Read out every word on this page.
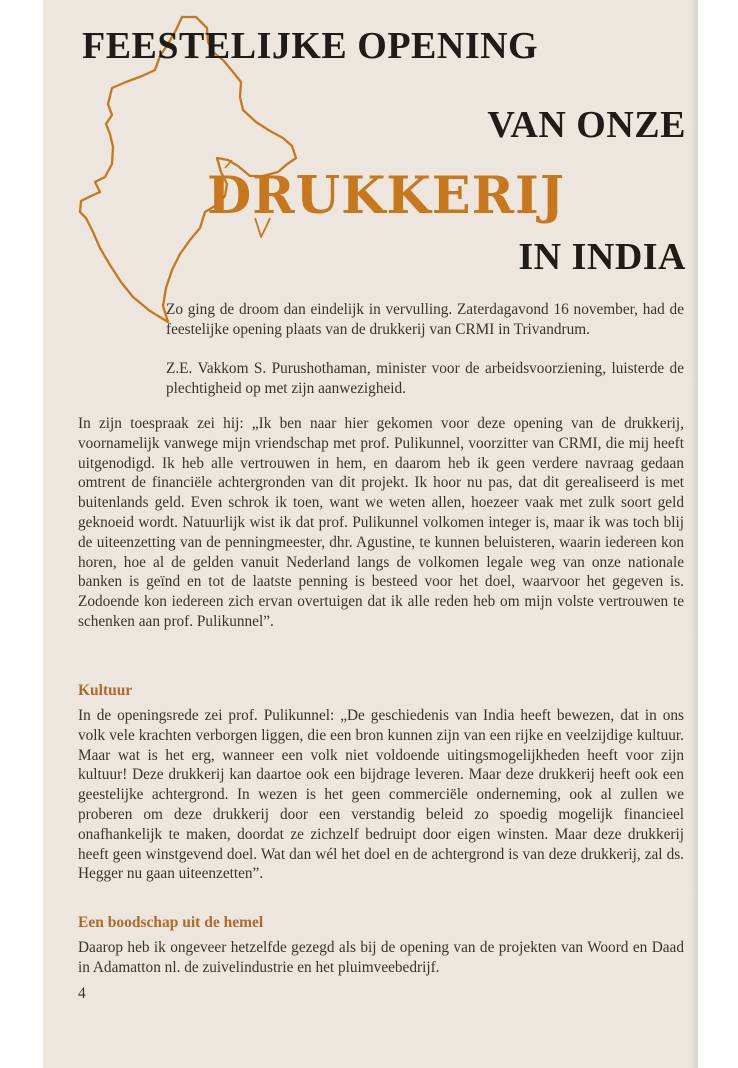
FEESTELIJKE OPENING
VAN ONZE
DRUKKERIJ
IN INDIA

Zo ging de droom dan eindelijk in vervulling. Zaterdagavond 16 november, had de feestelijke opening plaats van de drukkerij van CRMI in Trivandrum.

Z.E. Vakkom S. Purushothaman, minister voor de arbeidsvoorziening, luisterde de plechtigheid op met zijn aanwezigheid.

In zijn toespraak zei hij: „Ik ben naar hier gekomen voor deze opening van de drukkerij, voornamelijk vanwege mijn vriendschap met prof. Pulikunnel, voorzitter van CRMI, die mij heeft uitgenodigd. Ik heb alle vertrouwen in hem, en daarom heb ik geen verdere navraag gedaan omtrent de financiële achtergronden van dit projekt. Ik hoor nu pas, dat dit gerealiseerd is met buitenlands geld. Even schrok ik toen, want we weten allen, hoezeer vaak met zulk soort geld geknoeid wordt. Natuurlijk wist ik dat prof. Pulikunnel volkomen integer is, maar ik was toch blij de uiteenzetting van de penningmeester, dhr. Agustine, te kunnen beluisteren, waarin iedereen kon horen, hoe al de gelden vanuit Nederland langs de volkomen legale weg van onze nationale banken is geïnd en tot de laatste penning is besteed voor het doel, waarvoor het gegeven is. Zodoende kon iedereen zich ervan overtuigen dat ik alle reden heb om mijn volste vertrouwen te schenken aan prof. Pulikunnel”.

Kultuur

In de openingsrede zei prof. Pulikunnel: „De geschiedenis van India heeft bewezen, dat in ons volk vele krachten verborgen liggen, die een bron kunnen zijn van een rijke en veelzijdige kultuur. Maar wat is het erg, wanneer een volk niet voldoende uitingsmogelijkheden heeft voor zijn kultuur! Deze drukkerij kan daartoe ook een bijdrage leveren. Maar deze drukkerij heeft ook een geestelijke achtergrond. In wezen is het geen commerciële onderneming, ook al zullen we proberen om deze drukkerij door een verstandig beleid zo spoedig mogelijk financieel onafhankelijk te maken, doordat ze zichzelf bedruipt door eigen winsten. Maar deze drukkerij heeft geen winstgevend doel. Wat dan wél het doel en de achtergrond is van deze drukkerij, zal ds. Hegger nu gaan uiteenzetten”.

Een boodschap uit de hemel

Daarop heb ik ongeveer hetzelfde gezegd als bij de opening van de projekten van Woord en Daad in Adamatton nl. de zuivelindustrie en het pluimveebedrijf.

4
